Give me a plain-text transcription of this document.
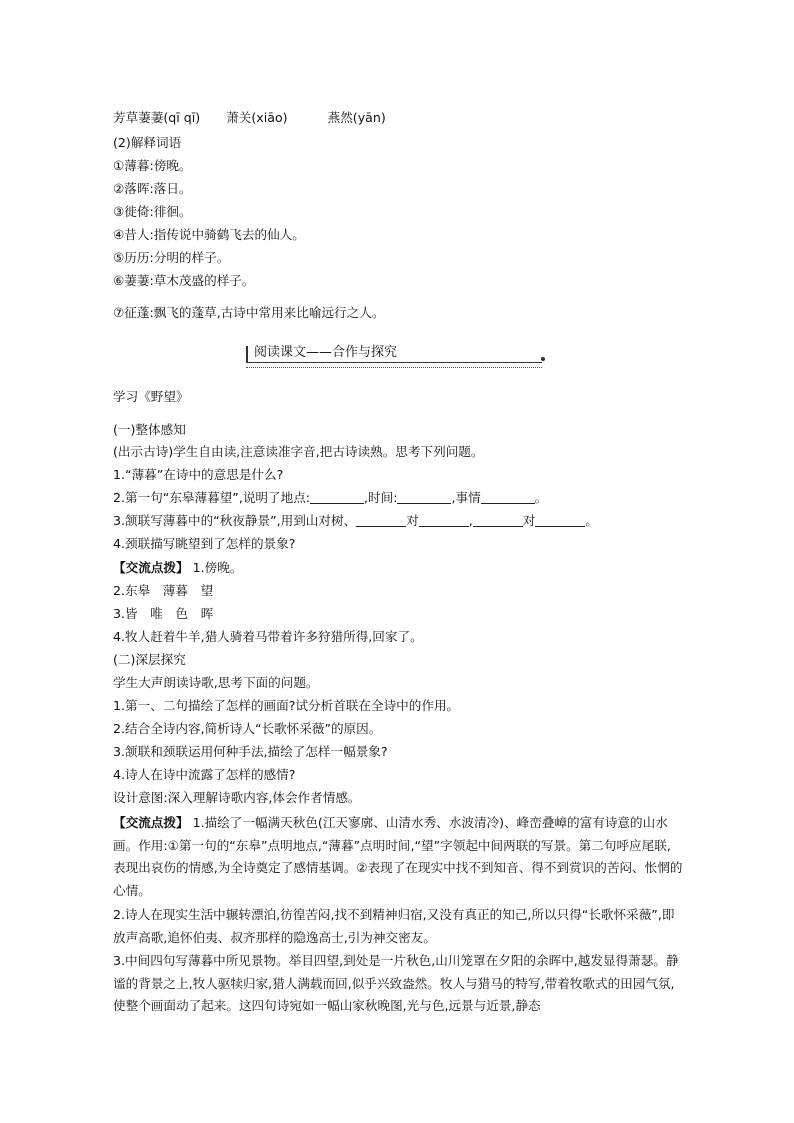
芳草萋萋(qī qī) 萧关(xiāo)	燕然(yān)
(2)解释词语
①薄暮:傍晚。
②落晖:落日。
③徙倚:徘徊。
④昔人:指传说中骑鹤飞去的仙人。
⑤历历:分明的样子。
⑥萋萋:草木茂盛的样子。
⑦征蓬:飘飞的蓬草,古诗中常用来比喻远行之人。
阅读课文——合作与探究
学习《野望》
(一)整体感知
(出示古诗)学生自由读,注意读准字音,把古诗读熟。思考下列问题。
1.“薄暮”在诗中的意思是什么?
2.第一句“东皋薄暮望”,说明了地点:	,时间:	,事情	。
3.颔联写薄暮中的“秋夜静景”,用到山对树、	对	,	对	。
4.颈联描写眺望到了怎样的景象?
【交流点拨】 1.傍晚。
2.东皋　薄暮　望
3.皆　唯　色　晖
4.牧人赶着牛羊,猎人骑着马带着许多狩猎所得,回家了。
(二)深层探究
学生大声朗读诗歌,思考下面的问题。
1.第一、二句描绘了怎样的画面?试分析首联在全诗中的作用。
2.结合全诗内容,简析诗人“长歌怀采薇”的原因。
3.颔联和颈联运用何种手法,描绘了怎样一幅景象?
4.诗人在诗中流露了怎样的感情?
设计意图:深入理解诗歌内容,体会作者情感。
【交流点拨】 1.描绘了一幅满天秋色(江天寥廓、山清水秀、水波清冷)、峰峦叠嶂的富有诗意的山水画。作用:①第一句的“东皋”点明地点,“薄暮”点明时间,“望”字领起中间两联的写景。第二句呼应尾联,表现出哀伤的情感,为全诗奠定了感情基调。②表现了在现实中找不到知音、得不到赏识的苦闷、怅惘的心情。
2.诗人在现实生活中辗转漂泊,彷徨苦闷,找不到精神归宿,又没有真正的知己,所以只得“长歌怀采薇”,即放声高歌,追怀伯夷、叔齐那样的隐逸高士,引为神交密友。
3.中间四句写薄暮中所见景物。举目四望,到处是一片秋色,山川笼罩在夕阳的余晖中,越发显得萧瑟。静谧的背景之上,牧人驱犊归家,猎人满载而回,似乎兴致盎然。牧人与猎马的特写,带着牧歌式的田园气氛,使整个画面动了起来。这四句诗宛如一幅山家秋晚图,光与色,远景与近景,静态
